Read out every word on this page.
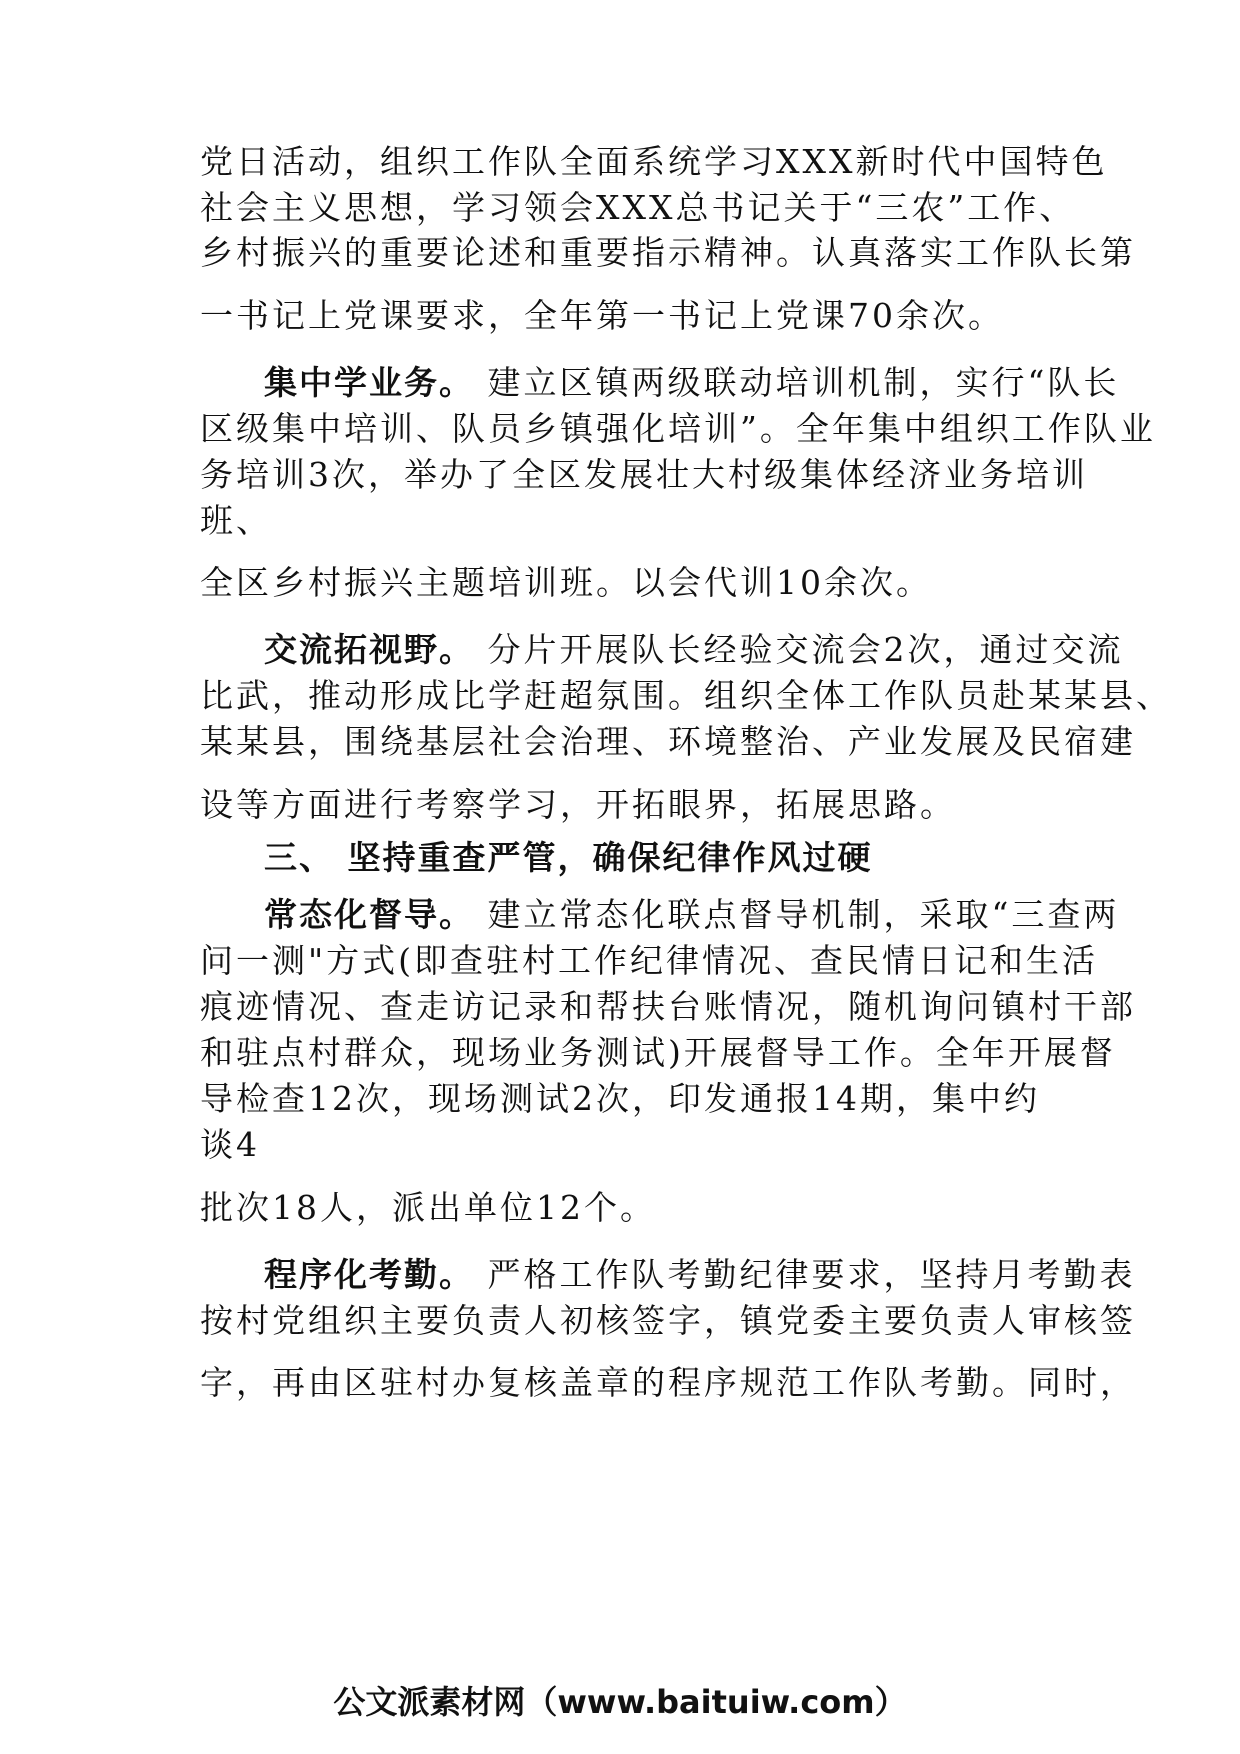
党日活动，组织工作队全面系统学习XXX新时代中国特色
社会主义思想，学习领会XXX总书记关于“三农”工作、
乡村振兴的重要论述和重要指示精神。认真落实工作队长第
一书记上党课要求，全年第一书记上党课70余次。
集中学业务。 建立区镇两级联动培训机制，实行“队长
区级集中培训、队员乡镇强化培训”。全年集中组织工作队业
务培训3次，举办了全区发展壮大村级集体经济业务培训
班、
全区乡村振兴主题培训班。以会代训10余次。
交流拓视野。 分片开展队长经验交流会2次，通过交流
比武，推动形成比学赶超氛围。组织全体工作队员赴某某县、
某某县，围绕基层社会治理、环境整治、产业发展及民宿建
设等方面进行考察学习，开拓眼界，拓展思路。
三、 坚持重查严管，确保纪律作风过硬
常态化督导。 建立常态化联点督导机制，采取“三查两
问一测"方式(即查驻村工作纪律情况、查民情日记和生活
痕迹情况、查走访记录和帮扶台账情况，随机询问镇村干部
和驻点村群众，现场业务测试)开展督导工作。全年开展督
导检查12次，现场测试2次，印发通报14期，集中约
谈4
批次18人，派出单位12个。
程序化考勤。 严格工作队考勤纪律要求，坚持月考勤表
按村党组织主要负责人初核签字，镇党委主要负责人审核签
字，再由区驻村办复核盖章的程序规范工作队考勤。同时，
公文派素材网（www.baituiw.com）
